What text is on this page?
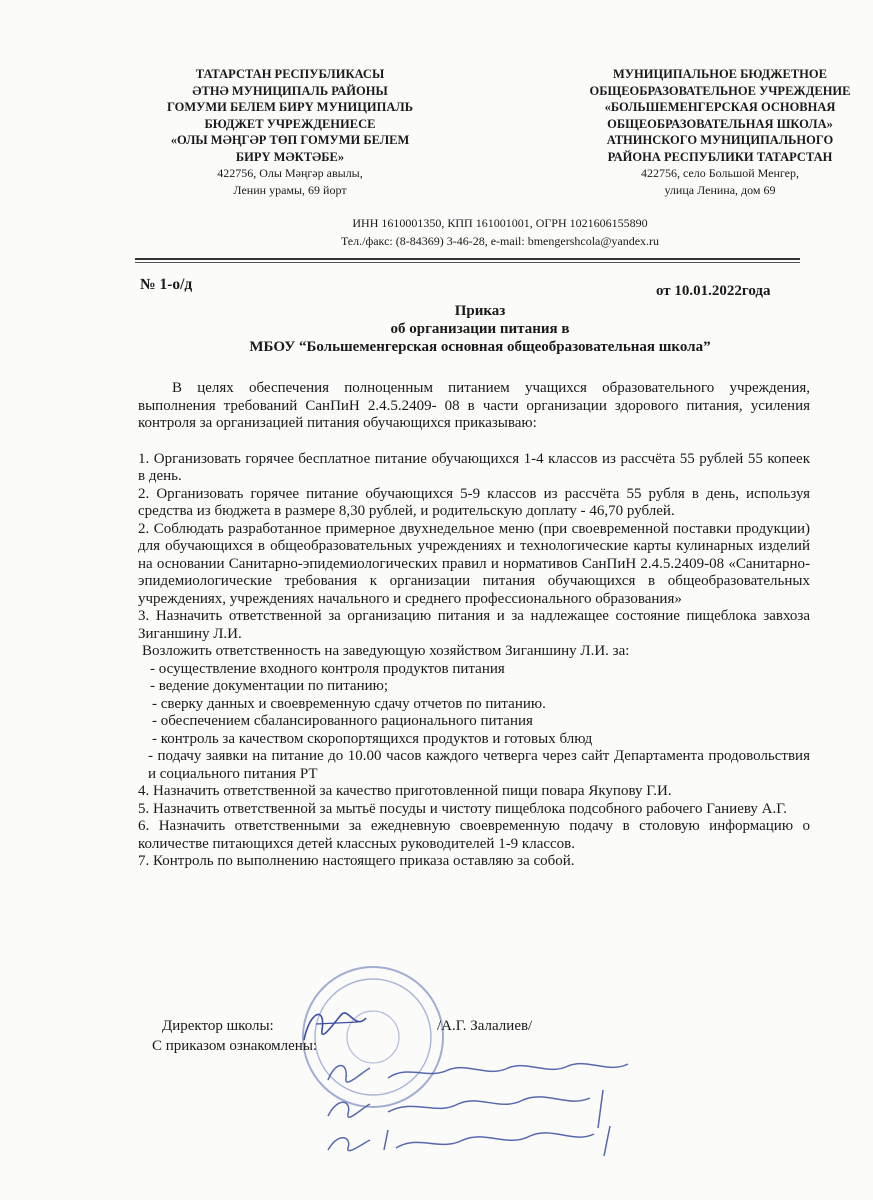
ТАТАРСТАН РЕСПУБЛИКАСЫ
ӘТНӘ МУНИЦИПАЛЬ РАЙОНЫ
ГОМУМИ БЕЛЕМ БИРҮ МУНИЦИПАЛЬ
БЮДЖЕТ УЧРЕЖДЕНИЕСЕ
«ОЛЫ МӘҢГӘР ТӨП ГОМУМИ БЕЛЕМ
БИРҮ МӘКТӘБЕ»
422756, Олы Мәңгәр авылы,
Ленин урамы, 69 йорт
МУНИЦИПАЛЬНОЕ БЮДЖЕТНОЕ
ОБЩЕОБРАЗОВАТЕЛЬНОЕ УЧРЕЖДЕНИЕ
«БОЛЬШЕМЕНГЕРСКАЯ ОСНОВНАЯ
ОБЩЕОБРАЗОВАТЕЛЬНАЯ ШКОЛА»
АТНИНСКОГО МУНИЦИПАЛЬНОГО
РАЙОНА РЕСПУБЛИКИ ТАТАРСТАН
422756, село Большой Менгер,
улица Ленина, дом 69
ИНН 1610001350, КПП 161001001, ОГРН 1021606155890
Тел./факс: (8-84369) 3-46-28, e-mail: bmengershcola@yandex.ru
№ 1-о/д	от 10.01.2022года
Приказ
об организации питания в
МБОУ “Большеменгерская основная общеобразовательная школа”

В целях обеспечения полноценным питанием учащихся образовательного учреждения, выполнения требований СанПиН 2.4.5.2409- 08 в части организации здорового питания, усиления контроля за организацией питания обучающихся приказываю:

1. Организовать горячее бесплатное питание обучающихся 1-4 классов из рассчёта 55 рублей 55 копеек в день.

2. Организовать горячее питание обучающихся 5-9 классов из рассчёта 55 рубля в день, используя средства из бюджета в размере 8,30 рублей, и родительскую доплату - 46,70 рублей.

2. Соблюдать разработанное примерное двухнедельное меню (при своевременной поставки продукции) для обучающихся в общеобразовательных учреждениях и технологические карты кулинарных изделий на основании Санитарно-эпидемиологических правил и нормативов СанПиН 2.4.5.2409-08 «Санитарно-эпидемиологические требования к организации питания обучающихся в общеобразовательных учреждениях, учреждениях начального и среднего профессионального образования»

3. Назначить ответственной за организацию питания и за надлежащее состояние пищеблока завхоза Зиганшину Л.И.

Возложить ответственность на заведующую хозяйством Зиганшину Л.И. за:

- осуществление входного контроля продуктов питания

- ведение документации по питанию;

- сверку данных и своевременную сдачу отчетов по питанию.

- обеспечением сбалансированного рационального питания

- контроль за качеством скоропортящихся продуктов и готовых блюд

- подачу заявки на питание до 10.00 часов каждого четверга через сайт Департамента продовольствия и социального питания РТ

4. Назначить ответственной за качество приготовленной пищи повара Якупову Г.И.

5. Назначить ответственной за мытьё посуды и чистоту пищеблока подсобного рабочего Ганиеву А.Г.

6. Назначить ответственными за ежедневную своевременную подачу в столовую информацию о количестве питающихся детей классных руководителей 1-9 классов.

7. Контроль по выполнению настоящего приказа оставляю за собой.

Директор школы:	/А.Г. Залалиев/
С приказом ознакомлены:
